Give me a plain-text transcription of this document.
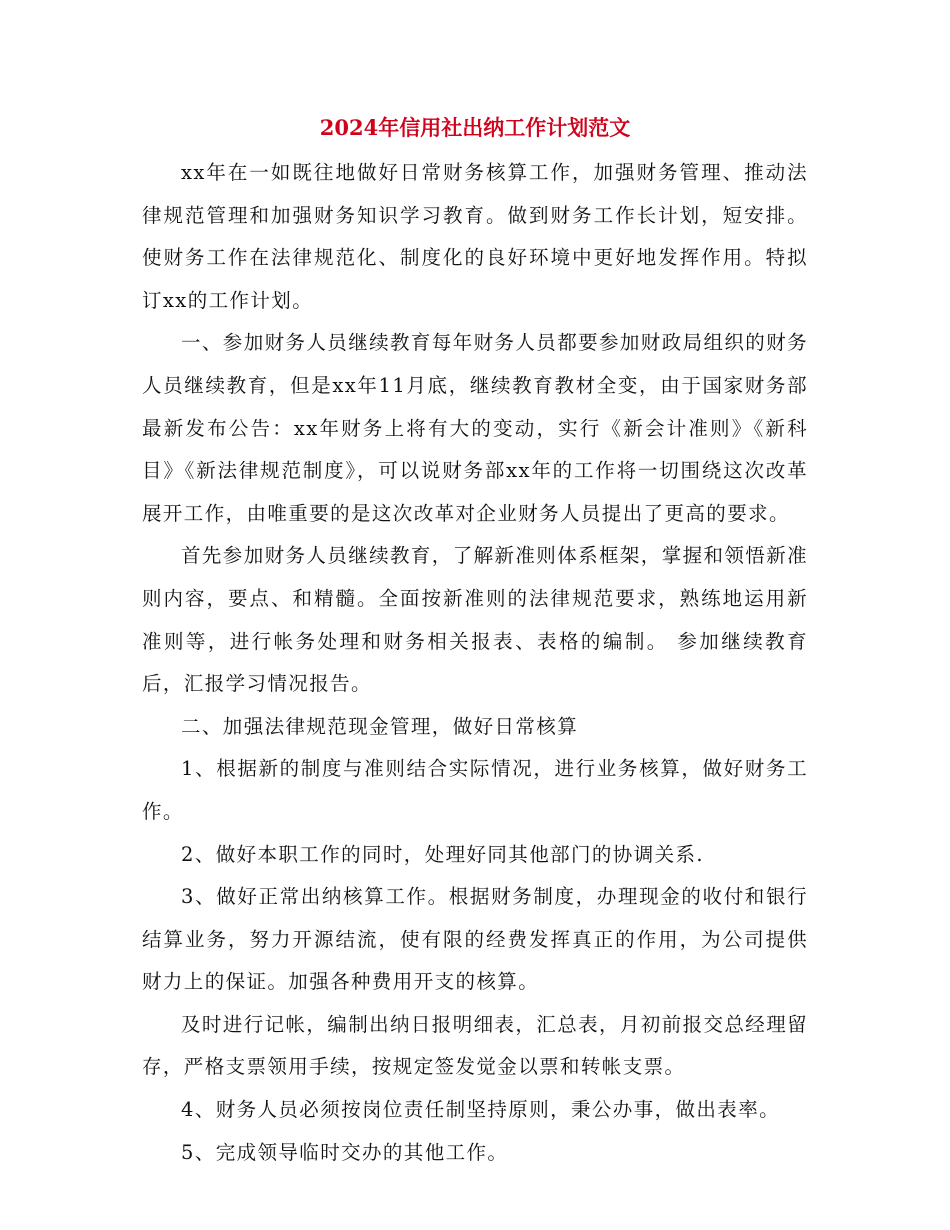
2024年信用社出纳工作计划范文

xx年在一如既往地做好日常财务核算工作，加强财务管理、推动法律规范管理和加强财务知识学习教育。做到财务工作长计划，短安排。使财务工作在法律规范化、制度化的良好环境中更好地发挥作用。特拟订xx的工作计划。

一、参加财务人员继续教育每年财务人员都要参加财政局组织的财务人员继续教育，但是xx年11月底，继续教育教材全变，由于国家财务部最新发布公告：xx年财务上将有大的变动，实行《新会计准则》《新科目》《新法律规范制度》，可以说财务部xx年的工作将一切围绕这次改革展开工作，由唯重要的是这次改革对企业财务人员提出了更高的要求。

首先参加财务人员继续教育，了解新准则体系框架，掌握和领悟新准则内容，要点、和精髓。全面按新准则的法律规范要求，熟练地运用新准则等，进行帐务处理和财务相关报表、表格的编制。 参加继续教育后，汇报学习情况报告。

二、加强法律规范现金管理，做好日常核算

1、根据新的制度与准则结合实际情况，进行业务核算，做好财务工作。

2、做好本职工作的同时，处理好同其他部门的协调关系.

3、做好正常出纳核算工作。根据财务制度，办理现金的收付和银行结算业务，努力开源结流，使有限的经费发挥真正的作用，为公司提供财力上的保证。加强各种费用开支的核算。

及时进行记帐，编制出纳日报明细表，汇总表，月初前报交总经理留存，严格支票领用手续，按规定签发觉金以票和转帐支票。

4、财务人员必须按岗位责任制坚持原则，秉公办事，做出表率。

5、完成领导临时交办的其他工作。
